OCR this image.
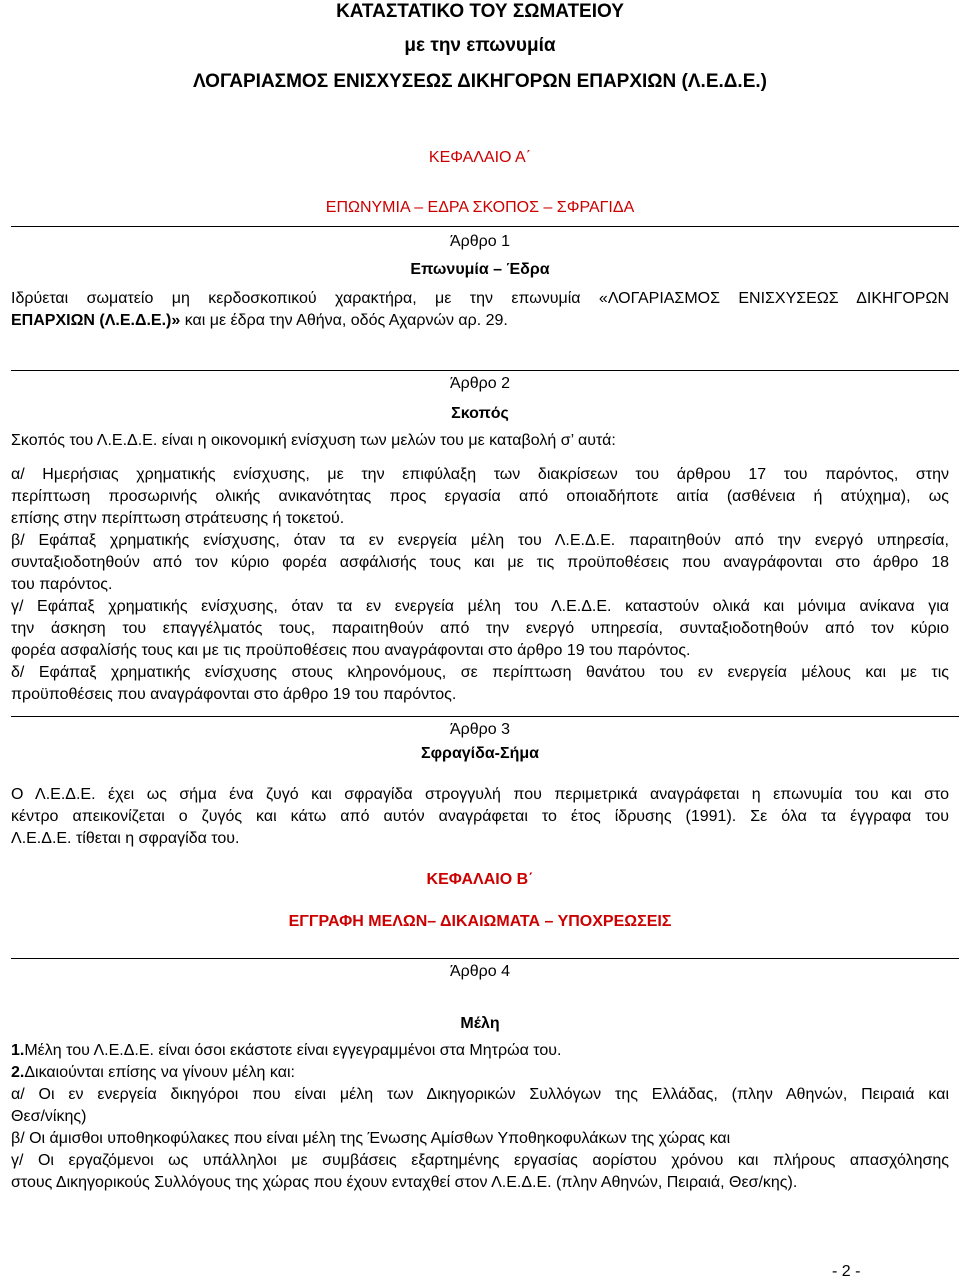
ΚΑΤΑΣΤΑΤΙΚΟ ΤΟΥ ΣΩΜΑΤΕΙΟΥ
με την επωνυμία
ΛΟΓΑΡΙΑΣΜΟΣ ΕΝΙΣΧΥΣΕΩΣ ΔΙΚΗΓΟΡΩΝ ΕΠΑΡΧΙΩΝ (Λ.Ε.Δ.Ε.)
ΚΕΦΑΛΑΙΟ Α΄
ΕΠΩΝΥΜΙΑ – ΕΔΡΑ ΣΚΟΠΟΣ – ΣΦΡΑΓΙΔΑ
Άρθρο 1
Επωνυμία – Έδρα
Ιδρύεται σωματείο μη κερδοσκοπικού χαρακτήρα, με την επωνυμία «ΛΟΓΑΡΙΑΣΜΟΣ ΕΝΙΣΧΥΣΕΩΣ ΔΙΚΗΓΟΡΩΝ
ΕΠΑΡΧΙΩΝ (Λ.Ε.Δ.Ε.)» και με έδρα την Αθήνα, οδός Αχαρνών αρ. 29.
Άρθρο 2
Σκοπός
Σκοπός του Λ.Ε.Δ.Ε. είναι η οικονομική ενίσχυση των μελών του με καταβολή σ’ αυτά:
α/ Ημερήσιας χρηματικής ενίσχυσης, με την επιφύλαξη των διακρίσεων του άρθρου 17 του παρόντος, στην
περίπτωση προσωρινής ολικής ανικανότητας προς εργασία από οποιαδήποτε αιτία (ασθένεια ή ατύχημα), ως
επίσης στην περίπτωση στράτευσης ή τοκετού.
β/ Εφάπαξ χρηματικής ενίσχυσης, όταν τα εν ενεργεία μέλη του Λ.Ε.Δ.Ε. παραιτηθούν από την ενεργό υπηρεσία,
συνταξιοδοτηθούν από τον κύριο φορέα ασφάλισής τους και με τις προϋποθέσεις που αναγράφονται στο άρθρο 18
του παρόντος.
γ/ Εφάπαξ χρηματικής ενίσχυσης, όταν τα εν ενεργεία μέλη του Λ.Ε.Δ.Ε. καταστούν ολικά και μόνιμα ανίκανα για
την άσκηση του επαγγέλματός τους, παραιτηθούν από την ενεργό υπηρεσία, συνταξιοδοτηθούν από τον κύριο
φορέα ασφαλίσής τους και με τις προϋποθέσεις που αναγράφονται στο άρθρο 19 του παρόντος.
δ/ Εφάπαξ χρηματικής ενίσχυσης στους κληρονόμους, σε περίπτωση θανάτου του εν ενεργεία μέλους και με τις
προϋποθέσεις που αναγράφονται στο άρθρο 19 του παρόντος.
Άρθρο 3
Σφραγίδα-Σήμα
Ο Λ.Ε.Δ.Ε. έχει ως σήμα ένα ζυγό και σφραγίδα στρογγυλή που περιμετρικά αναγράφεται η επωνυμία του και στο
κέντρο απεικονίζεται ο ζυγός και κάτω από αυτόν αναγράφεται το έτος ίδρυσης (1991). Σε όλα τα έγγραφα του
Λ.Ε.Δ.Ε. τίθεται η σφραγίδα του.
ΚΕΦΑΛΑΙΟ Β΄
ΕΓΓΡΑΦΗ ΜΕΛΩΝ– ΔΙΚΑΙΩΜΑΤΑ – ΥΠΟΧΡΕΩΣΕΙΣ
Άρθρο 4
Μέλη
1.Μέλη του Λ.Ε.Δ.Ε. είναι όσοι εκάστοτε είναι εγγεγραμμένοι στα Μητρώα του.
2.Δικαιούνται επίσης να γίνουν μέλη και:
α/ Οι εν ενεργεία δικηγόροι που είναι μέλη των Δικηγορικών Συλλόγων της Ελλάδας, (πλην Αθηνών, Πειραιά και
Θεσ/νίκης)
β/ Οι άμισθοι υποθηκοφύλακες που είναι μέλη της Ένωσης Αμίσθων Υποθηκοφυλάκων της χώρας και
γ/ Οι εργαζόμενοι ως υπάλληλοι με συμβάσεις εξαρτημένης εργασίας αορίστου χρόνου και πλήρους απασχόλησης
στους Δικηγορικούς Συλλόγους της χώρας που έχουν ενταχθεί στον Λ.Ε.Δ.Ε. (πλην Αθηνών, Πειραιά, Θεσ/κης).
- 2 -
